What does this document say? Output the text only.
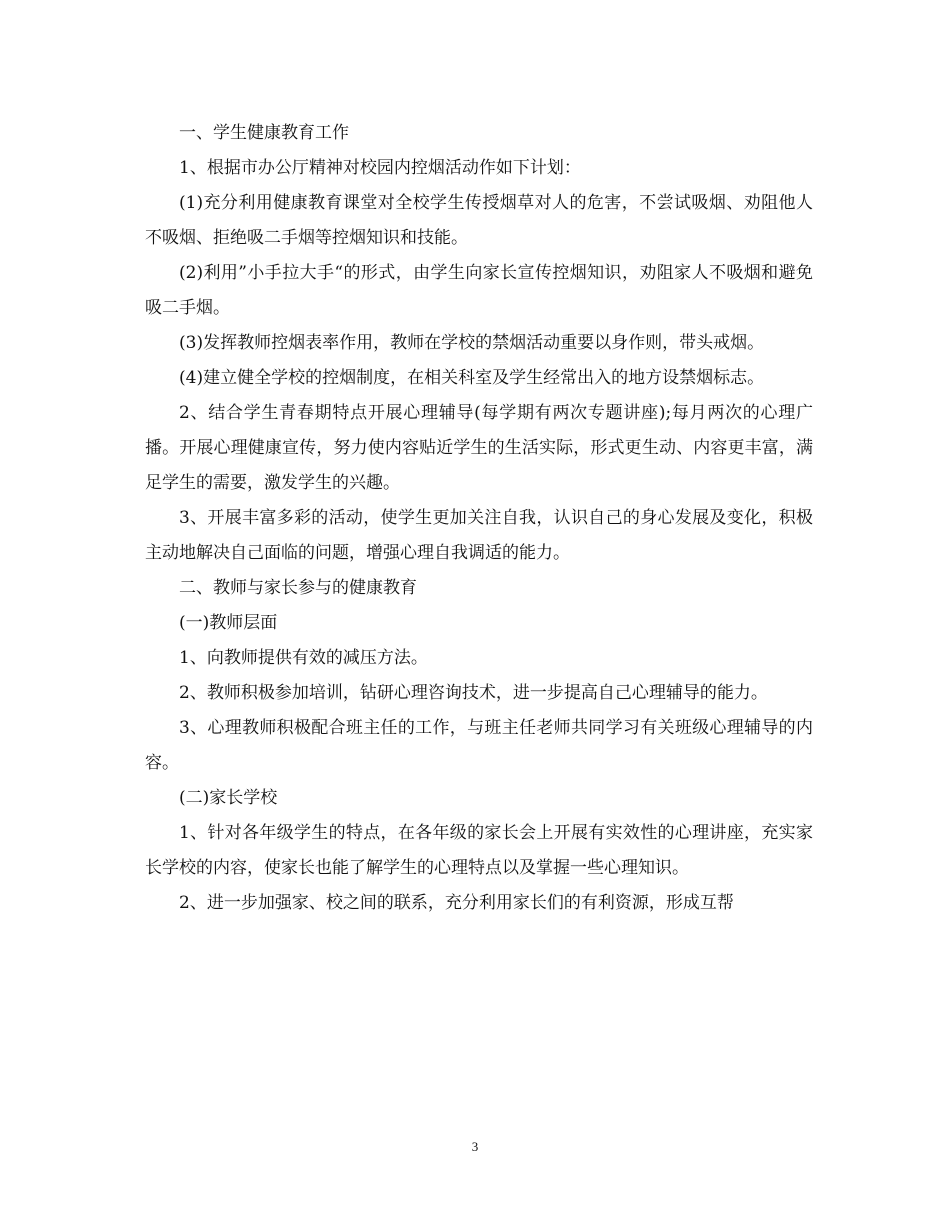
一、学生健康教育工作

1、根据市办公厅精神对校园内控烟活动作如下计划：

(1)充分利用健康教育课堂对全校学生传授烟草对人的危害，不尝试吸烟、劝阻他人不吸烟、拒绝吸二手烟等控烟知识和技能。

(2)利用”小手拉大手“的形式，由学生向家长宣传控烟知识，劝阻家人不吸烟和避免吸二手烟。

(3)发挥教师控烟表率作用，教师在学校的禁烟活动重要以身作则，带头戒烟。

(4)建立健全学校的控烟制度，在相关科室及学生经常出入的地方设禁烟标志。

2、结合学生青春期特点开展心理辅导(每学期有两次专题讲座);每月两次的心理广播。开展心理健康宣传，努力使内容贴近学生的生活实际，形式更生动、内容更丰富，满足学生的需要，激发学生的兴趣。

3、开展丰富多彩的活动，使学生更加关注自我，认识自己的身心发展及变化，积极主动地解决自己面临的问题，增强心理自我调适的能力。

二、教师与家长参与的健康教育

(一)教师层面

1、向教师提供有效的减压方法。

2、教师积极参加培训，钻研心理咨询技术，进一步提高自己心理辅导的能力。

3、心理教师积极配合班主任的工作，与班主任老师共同学习有关班级心理辅导的内容。

(二)家长学校

1、针对各年级学生的特点，在各年级的家长会上开展有实效性的心理讲座，充实家长学校的内容，使家长也能了解学生的心理特点以及掌握一些心理知识。

2、进一步加强家、校之间的联系，充分利用家长们的有利资源，形成互帮

3
